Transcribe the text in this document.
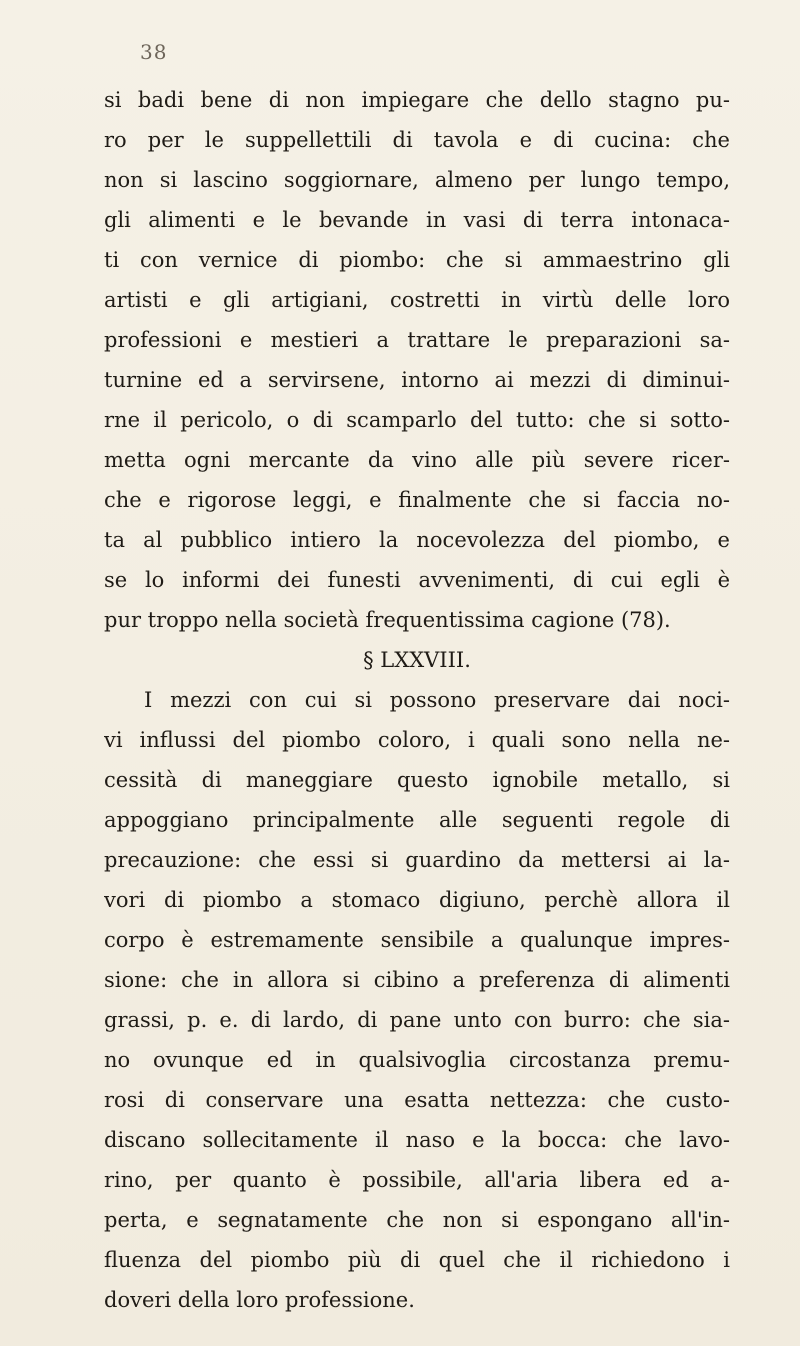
38
si badi bene di non impiegare che dello stagno pu-
ro per le suppellettili di tavola e di cucina: che
non si lascino soggiornare, almeno per lungo tempo,
gli alimenti e le bevande in vasi di terra intonaca-
ti con vernice di piombo: che si ammaestrino gli
artisti e gli artigiani, costretti in virtù delle loro
professioni e mestieri a trattare le preparazioni sa-
turnine ed a servirsene, intorno ai mezzi di diminui-
rne il pericolo, o di scamparlo del tutto: che si sotto-
metta ogni mercante da vino alle più severe ricer-
che e rigorose leggi, e finalmente che si faccia no-
ta al pubblico intiero la nocevolezza del piombo, e
se lo informi dei funesti avvenimenti, di cui egli è
pur troppo nella società frequentissima cagione (78).
§ LXXVIII.
I mezzi con cui si possono preservare dai noci-
vi influssi del piombo coloro, i quali sono nella ne-
cessità di maneggiare questo ignobile metallo, si
appoggiano principalmente alle seguenti regole di
precauzione: che essi si guardino da mettersi ai la-
vori di piombo a stomaco digiuno, perchè allora il
corpo è estremamente sensibile a qualunque impres-
sione: che in allora si cibino a preferenza di alimenti
grassi, p. e. di lardo, di pane unto con burro: che sia-
no ovunque ed in qualsivoglia circostanza premu-
rosi di conservare una esatta nettezza: che custo-
discano sollecitamente il naso e la bocca: che lavo-
rino, per quanto è possibile, all'aria libera ed a-
perta, e segnatamente che non si espongano all'in-
fluenza del piombo più di quel che il richiedono i
doveri della loro professione.
